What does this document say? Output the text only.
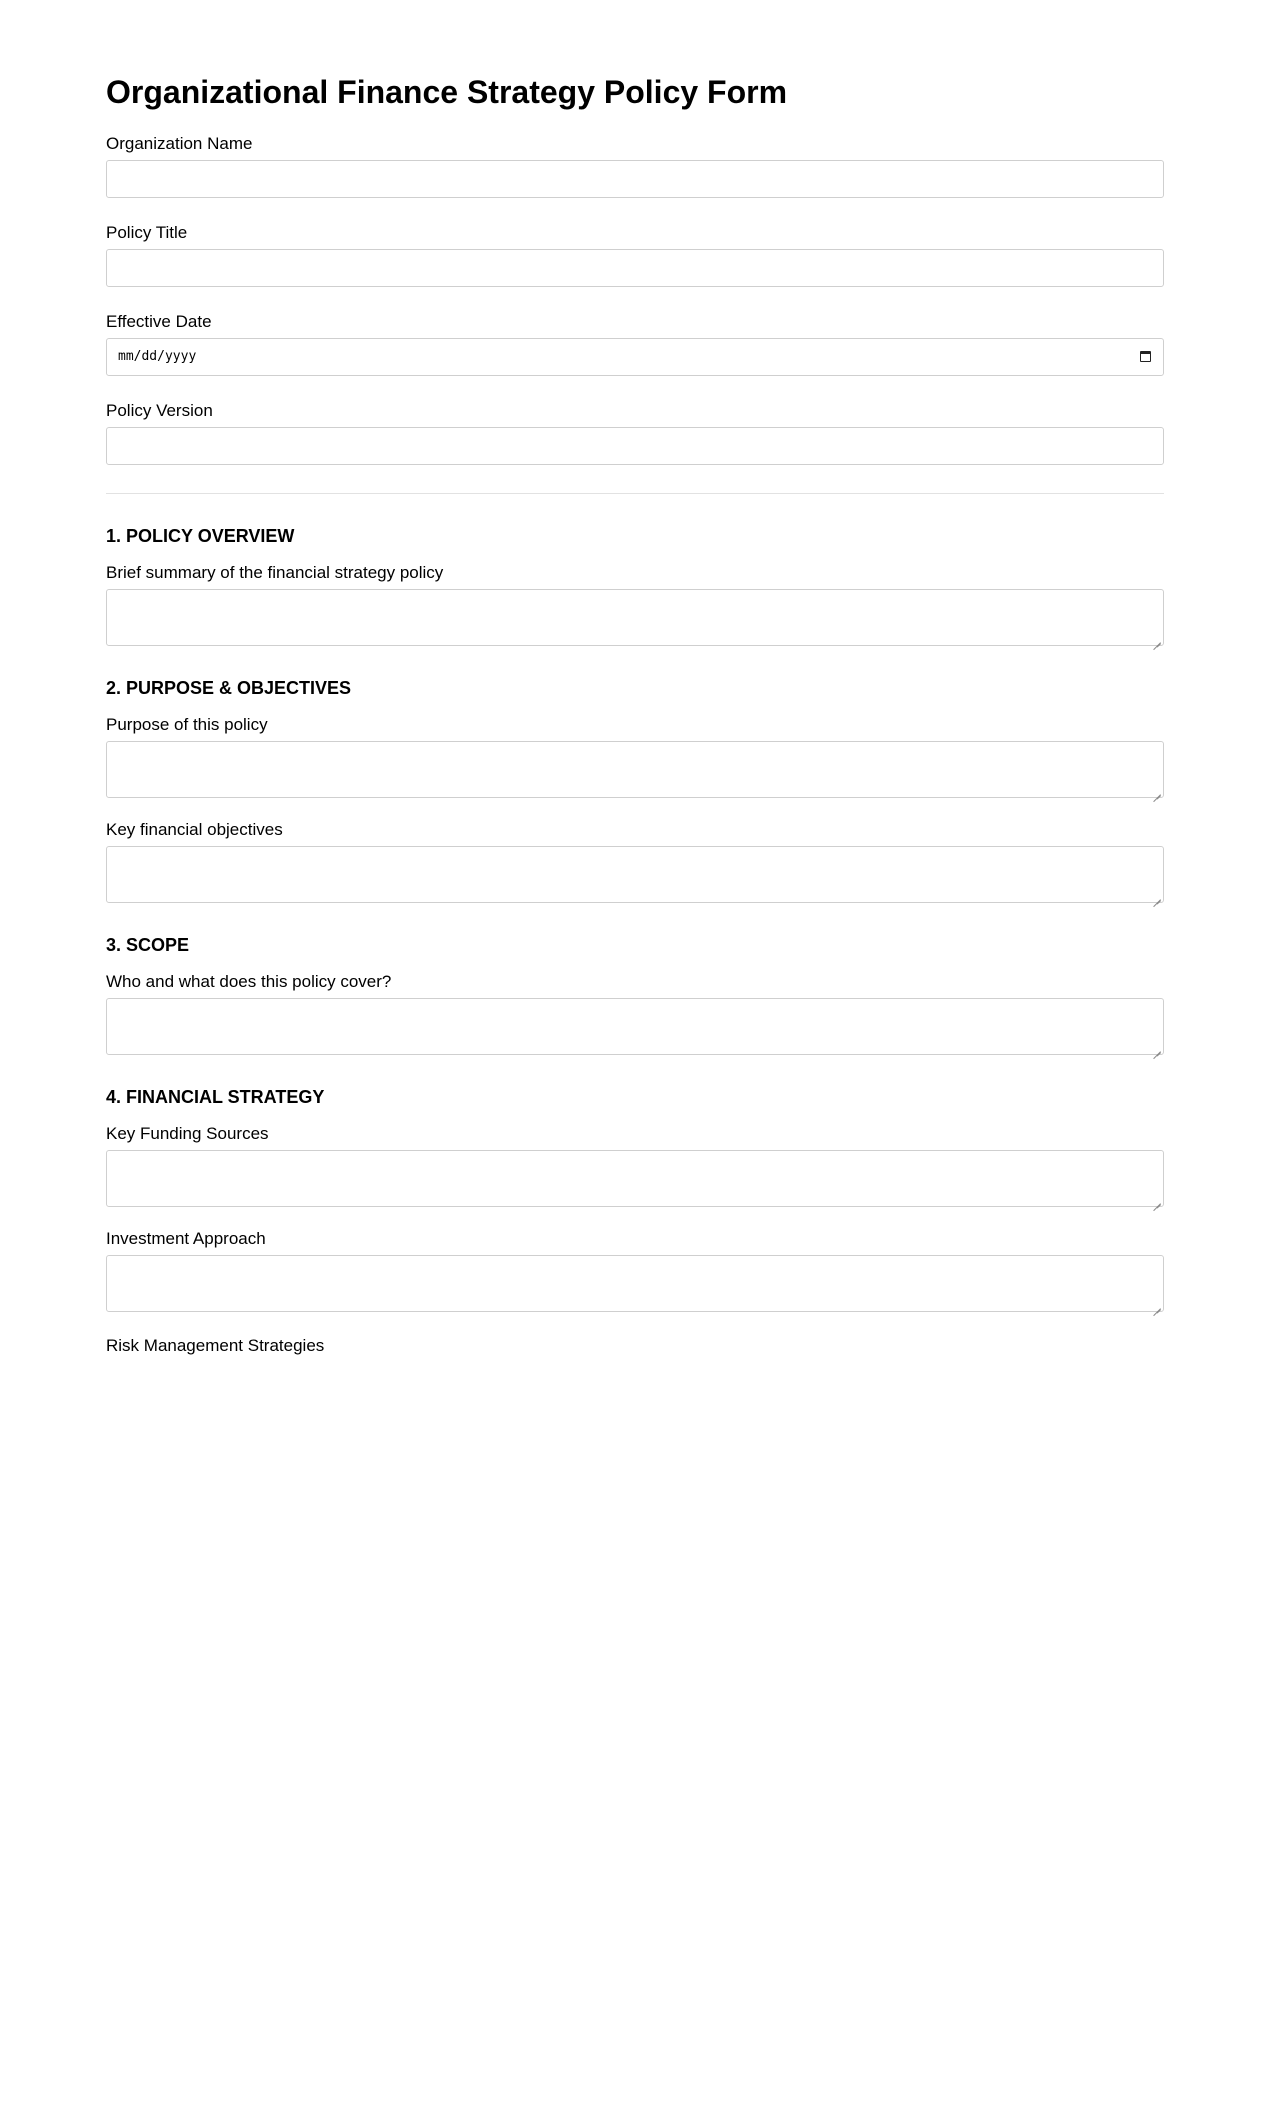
Organizational Finance Strategy Policy Form
Organization Name
Policy Title
Effective Date
mm/dd/yyyy
Policy Version
1. POLICY OVERVIEW
Brief summary of the financial strategy policy
2. PURPOSE & OBJECTIVES
Purpose of this policy
Key financial objectives
3. SCOPE
Who and what does this policy cover?
4. FINANCIAL STRATEGY
Key Funding Sources
Investment Approach
Risk Management Strategies
